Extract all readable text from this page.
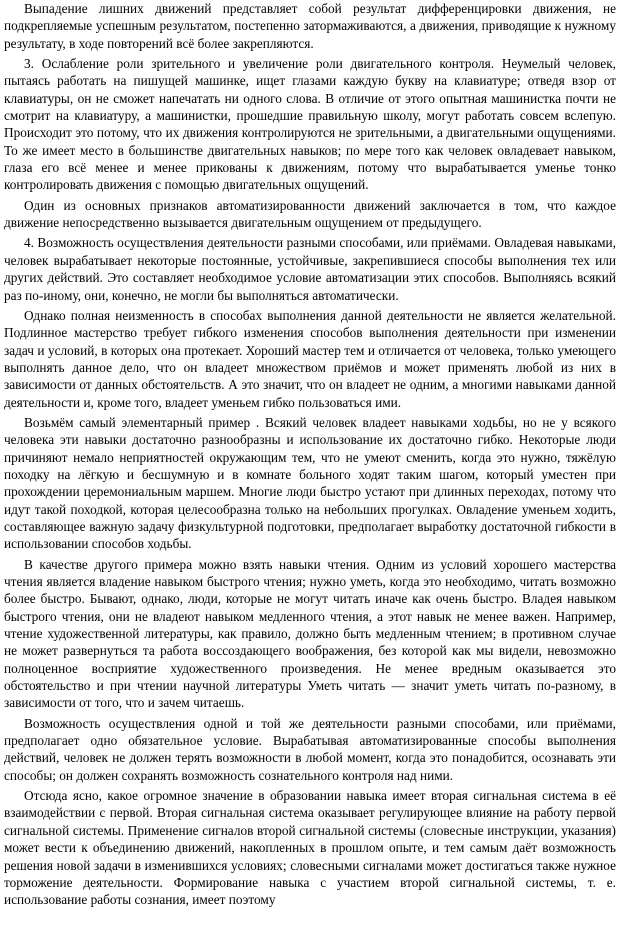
Выпадение лишних движений представляет собой результат дифференцировки движения, не подкрепляемые успешным результатом, постепенно затормаживаются, а движения, приводящие к нужному результату, в ходе повторений всё более закрепляются.

3. Ослабление роли зрительного и увеличение роли двигательного контроля. Неумелый человек, пытаясь работать на пишущей машинке, ищет глазами каждую букву на клавиатуре; отведя взор от клавиатуры, он не сможет напечатать ни одного слова. В отличие от этого опытная машинистка почти не смотрит на клавиатуру, а машинистки, прошедшие правильную школу, могут работать совсем вслепую. Происходит это потому, что их движения контролируются не зрительными, а двигательными ощущениями. То же имеет место в большинстве двигательных навыков; по мере того как человек овладевает навыком, глаза его всё менее и менее прикованы к движениям, потому что вырабатывается уменье тонко контролировать движения с помощью двигательных ощущений.

Один из основных признаков автоматизированности движений заключается в том, что каждое движение непосредственно вызывается двигательным ощущением от предыдущего.

4. Возможность осуществления деятельности разными способами, или приёмами. Овладевая навыками, человек вырабатывает некоторые постоянные, устойчивые, закрепившиеся способы выполнения тех или других действий. Это составляет необходимое условие автоматизации этих способов. Выполняясь всякий раз по-иному, они, конечно, не могли бы выполняться автоматически.

Однако полная неизменность в способах выполнения данной деятельности не является желательной. Подлинное мастерство требует гибкого изменения способов выполнения деятельности при изменении задач и условий, в которых она протекает. Хороший мастер тем и отличается от человека, только умеющего выполнять данное дело, что он владеет множеством приёмов и может применять любой из них в зависимости от данных обстоятельств. А это значит, что он владеет не одним, а многими навыками данной деятельности и, кроме того, владеет уменьем гибко пользоваться ими.

Возьмём самый элементарный пример . Всякий человек владеет навыками ходьбы, но не у всякого человека эти навыки достаточно разнообразны и использование их достаточно гибко. Некоторые люди причиняют немало неприятностей окружающим тем, что не умеют сменить, когда это нужно, тяжёлую походку на лёгкую и бесшумную и в комнате больного ходят таким шагом, который уместен при прохождении церемониальным маршем. Многие люди быстро устают при длинных переходах, потому что идут такой походкой, которая целесообразна только на небольших прогулках. Овладение уменьем ходить, составляющее важную задачу физкультурной подготовки, предполагает выработку достаточной гибкости в использовании способов ходьбы.

В качестве другого примера можно взять навыки чтения. Одним из условий хорошего мастерства чтения является владение навыком быстрого чтения; нужно уметь, когда это необходимо, читать возможно более быстро. Бывают, однако, люди, которые не могут читать иначе как очень быстро. Владея навыком быстрого чтения, они не владеют навыком медленного чтения, а этот навык не менее важен. Например, чтение художественной литературы, как правило, должно быть медленным чтением; в противном случае не может развернуться та работа воссоздающего воображения, без которой как мы видели, невозможно полноценное восприятие художественного произведения. Не менее вредным оказывается это обстоятельство и при чтении научной литературы Уметь читать — значит уметь читать по-разному, в зависимости от того, что и зачем читаешь.

Возможность осуществления одной и той же деятельности разными способами, или приёмами, предполагает одно обязательное условие. Вырабатывая автоматизированные способы выполнения действий, человек не должен терять возможности в любой момент, когда это понадобится, осознавать эти способы; он должен сохранять возможность сознательного контроля над ними.

Отсюда ясно, какое огромное значение в образовании навыка имеет вторая сигнальная система в её взаимодействии с первой. Вторая сигнальная система оказывает регулирующее влияние на работу первой сигнальной системы. Применение сигналов второй сигнальной системы (словесные инструкции, указания) может вести к объединению движений, накопленных в прошлом опыте, и тем самым даёт возможность решения новой задачи в изменившихся условиях; словесными сигналами может достигаться также нужное торможение деятельности. Формирование навыка с участием второй сигнальной системы, т. е. использование работы сознания, имеет поэтому
